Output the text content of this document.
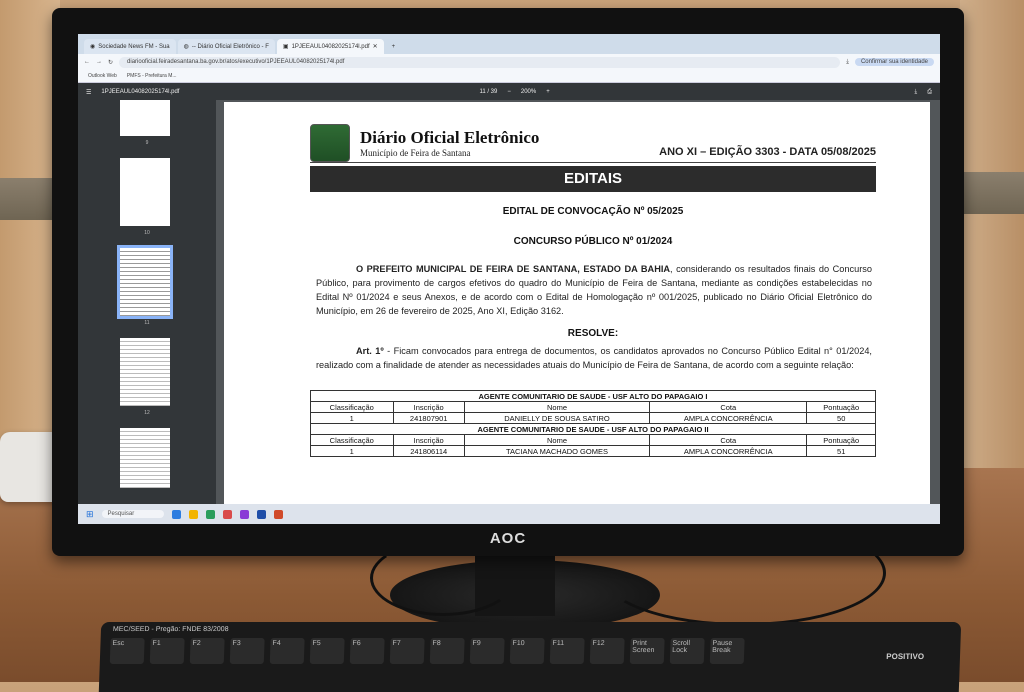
AOC
◉ Sociedade News FM - Sua ◍ -- Diário Oficial Eletrônico - F ▣ 1PJEEAUL04082025174l.pdf ✕	+
← → ↻	diariooficial.feiradesantana.ba.gov.br/atos/executivo/1PJEEAUL04082025174l.pdf	⤓	Confirmar sua identidade
Outlook Web PMFS - Prefeitura M...
☰ 1PJEEAUL04082025174l.pdf	11 / 39 − 200% +	⤓ ⎙
9
10
11
12
Diário Oficial Eletrônico
Município de Feira de Santana	ANO XI – EDIÇÃO 3303 - DATA 05/08/2025
EDITAIS
EDITAL DE CONVOCAÇÃO Nº 05/2025
CONCURSO PÚBLICO Nº 01/2024
O PREFEITO MUNICIPAL DE FEIRA DE SANTANA, ESTADO DA BAHIA, considerando os resultados finais do Concurso Público, para provimento de cargos efetivos do quadro do Município de Feira de Santana, mediante as condições estabelecidas no Edital Nº 01/2024 e seus Anexos, e de acordo com o Edital de Homologação nº 001/2025, publicado no Diário Oficial Eletrônico do Município, em 26 de fevereiro de 2025, Ano XI, Edição 3162.
RESOLVE:
Art. 1º - Ficam convocados para entrega de documentos, os candidatos aprovados no Concurso Público Edital n° 01/2024, realizado com a finalidade de atender as necessidades atuais do Município de Feira de Santana, de acordo com a seguinte relação:
AGENTE COMUNITARIO DE SAUDE - USF ALTO DO PAPAGAIO I				
Classificação	Inscrição	Nome	Cota	Pontuação
1	241807901	DANIELLY DE SOUSA SATIRO	AMPLA CONCORRÊNCIA	50
AGENTE COMUNITARIO DE SAUDE - USF ALTO DO PAPAGAIO II				
Classificação	Inscrição	Nome	Cota	Pontuação
1	241806114	TACIANA MACHADO GOMES	AMPLA CONCORRÊNCIA	51
⊞	Pesquisar
MEC/SEED - Pregão: FNDE 83/2008
Esc	F1	F2	F3	F4	F5	F6	F7	F8	F9	F10	F11	F12	Print Screen
Scroll Lock
Pause Break
POSITIVO
